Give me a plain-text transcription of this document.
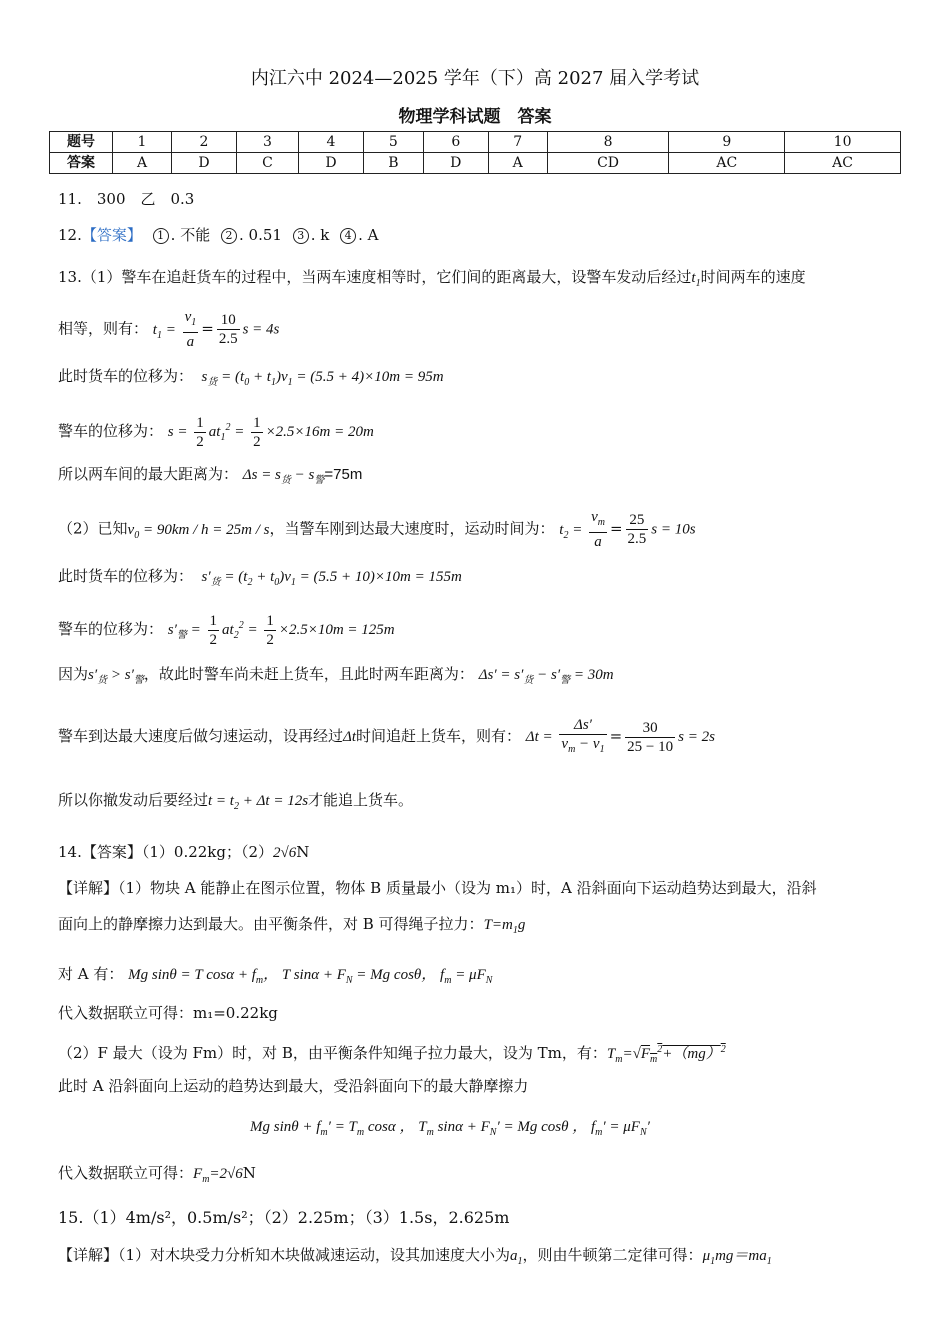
内江六中 2024—2025 学年（下）高 2027 届入学考试
物理学科试题　答案
题号	1	2	3	4	5	6	7	8	9	10
答案	A	D	C	D	B	D	A	CD	AC	AC
11.　300　乙　0.3
12.【答案】 1 . 不能 2 . 0.51 3 . k 4 . A
13.（1）警车在追赶货车的过程中，当两车速度相等时，它们间的距离最大，设警车发动后经过$t_1$时间两车的速度
相等，则有： $t_1 = \frac{v_1}{a} = \frac{10}{2.5}$ s = 4s
此时货车的位移为：  $s_货 = (t_0 + t_1)v_1 = (5.5 + 4)\times 10m = 95m$
警车的位移为： $s = \frac{1}{2} at_1^2 = \frac{1}{2} \times 2.5\times 16m = 20m$
所以两车间的最大距离为： $\Delta s = s_货 - s_警=75m$
（2）已知$v_0 = 90km / h = 25m / s$，当警车刚到达最大速度时，运动时间为： $t_2 = \frac{v_m}{a} = \frac{25}{2.5}$ s = 10s
此时货车的位移为：  $s'_货 = (t_2 + t_0)v_1 = (5.5 + 10)\times 10m = 155m$
警车的位移为： $s'_警 = \frac{1}{2} at_2^2 = \frac{1}{2} \times 2.5\times 10m = 125m$
因为$s'_货 > s'_警$，故此时警车尚未赶上货车，且此时两车距离为： $\Delta s' = s'_货 - s'_警 = 30m$
警车到达最大速度后做匀速运动，设再经过Δt时间追赶上货车，则有： $\Delta t = \frac{\Delta s'}{v_m - v_1} = \frac{30}{25 - 10}$ s = 2s
所以你撤发动后要经过$t = t_2 + \Delta t = 12s$才能追上货车。
14.【答案】（1）0.22kg；（2）2√6N
【详解】（1）物块 A 能静止在图示位置，物体 B 质量最小（设为 m₁）时，A 沿斜面向下运动趋势达到最大，沿斜
面向上的静摩擦力达到最大。由平衡条件，对 B 可得绳子拉力：$T=m_1g$
对 A 有： Mg sinθ = T $\cos\alpha + f_m$， T $\sin\alpha + F_N = Mg$ cosθ， $f_m = \mu F_N$
代入数据联立可得：m₁=0.22kg
（2）F 最大（设为 Fm）时，对 B，由平衡条件知绳子拉力最大，设为 Tm，有：$T_m=√F_m^2+(mg)^2$
此时 A 沿斜面向上运动的趋势达到最大，受沿斜面向下的最大静摩擦力
Mg $\sin\theta + f_m' = T_m$ cosα ， $T_m$ $\sin\alpha + F_N' = Mg$ cosθ ， $f_m' = \mu F_N'$
代入数据联立可得：$F_m=2√6N$
15.（1）4m/s²，0.5m/s²；（2）2.25m；（3）1.5s，2.625m
【详解】（1）对木块受力分析知木块做减速运动，设其加速度大小为$a_1$，则由牛顿第二定律可得：$\mu_1mg=ma_1$
